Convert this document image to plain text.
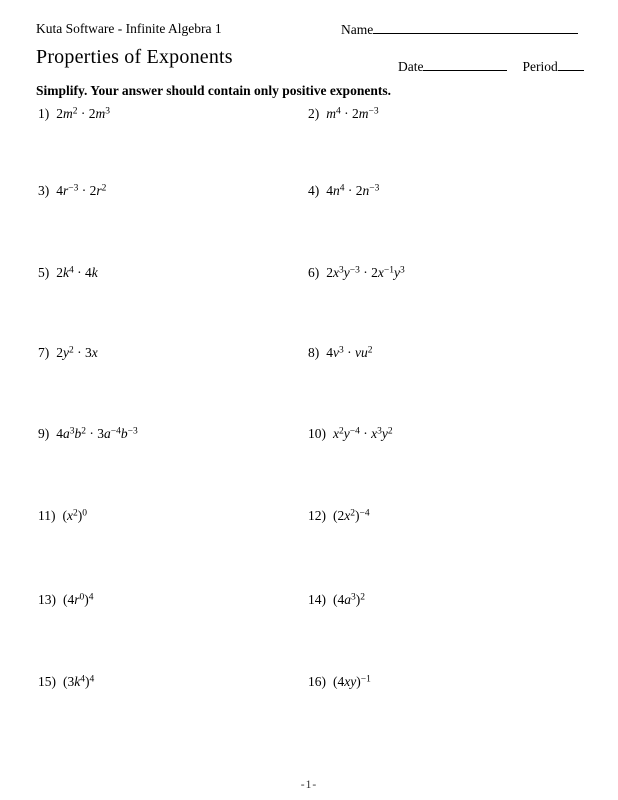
Kuta Software - Infinite Algebra 1	Name
Properties of Exponents	Date	Period
Simplify. Your answer should contain only positive exponents.
1) $2m^2 \cdot 2m^3$	2) $m^4 \cdot 2m^{-3}$
3) $4r^{-3} \cdot 2r^2$	4) $4n^4 \cdot 2n^{-3}$
5) $2k^4 \cdot 4k$	6) $2x^3y^{-3} \cdot 2x^{-1}y^3$
7) $2y^2 \cdot 3x$	8) $4v^3 \cdot vu^2$
9) $4a^3b^2 \cdot 3a^{-4}b^{-3}$	10) $x^2y^{-4} \cdot x^3y^2$
11) $(x^2)^0$	12) $(2x^2)^{-4}$
13) $(4r^0)^4$	14) $(4a^3)^2$
15) $(3k^4)^4$	16) $(4xy)^{-1}$
-1-
